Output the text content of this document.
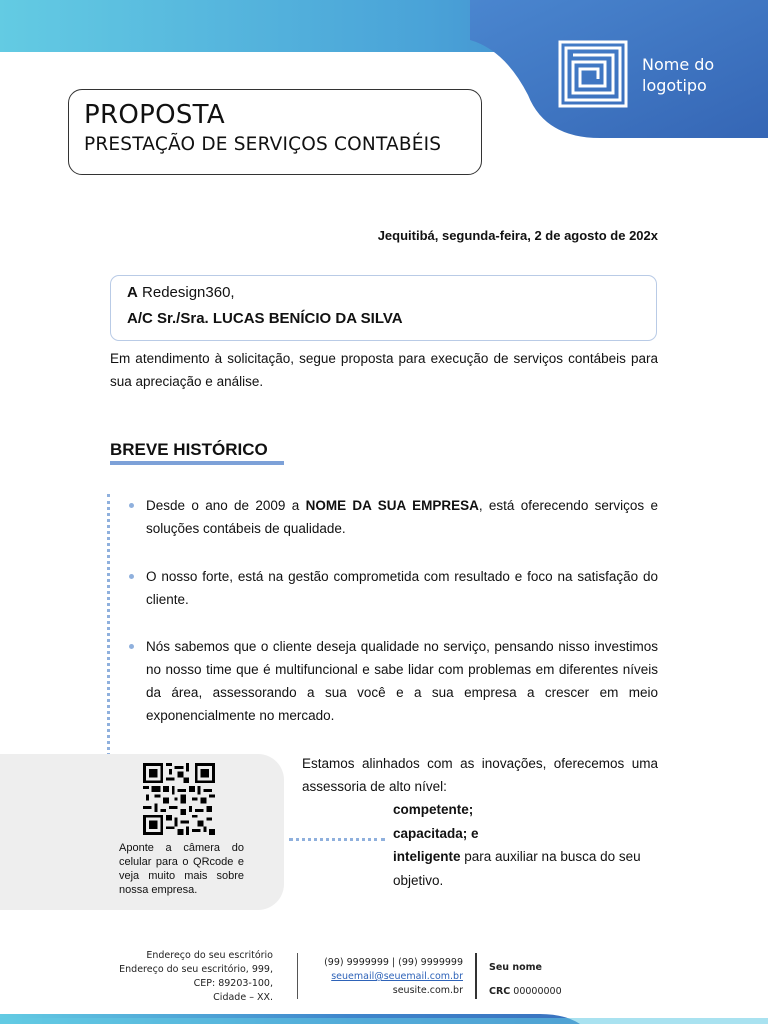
Nome do
logotipo
PROPOSTA
PRESTAÇÃO DE SERVIÇOS CONTABÉIS
Jequitibá, segunda-feira, 2 de agosto de 202x
A Redesign360,
A/C Sr./Sra. LUCAS BENÍCIO DA SILVA
Em atendimento à solicitação, segue proposta para execução de serviços contábeis para sua apreciação e análise.
BREVE HISTÓRICO
Desde o ano de 2009 a NOME DA SUA EMPRESA, está oferecendo serviços e soluções contábeis de qualidade.
O nosso forte, está na gestão comprometida com resultado e foco na satisfação do cliente.
Nós sabemos que o cliente deseja qualidade no serviço, pensando nisso investimos no nosso time que é multifuncional e sabe lidar com problemas em diferentes níveis da área, assessorando a sua você e a sua empresa a crescer em meio exponencialmente no mercado.
Aponte a câmera do celular para o QRcode e veja muito mais sobre nossa empresa.
Estamos alinhados com as inovações, oferecemos uma assessoria de alto nível:
competente;
capacitada; e
inteligente para auxiliar na busca do seu objetivo.
Endereço do seu escritório
Endereço do seu escritório, 999,
CEP: 89203-100,
Cidade – XX.
(99) 9999999 | (99) 9999999
seuemail@seuemail.com.br
seusite.com.br
Seu nome
CRC 00000000
